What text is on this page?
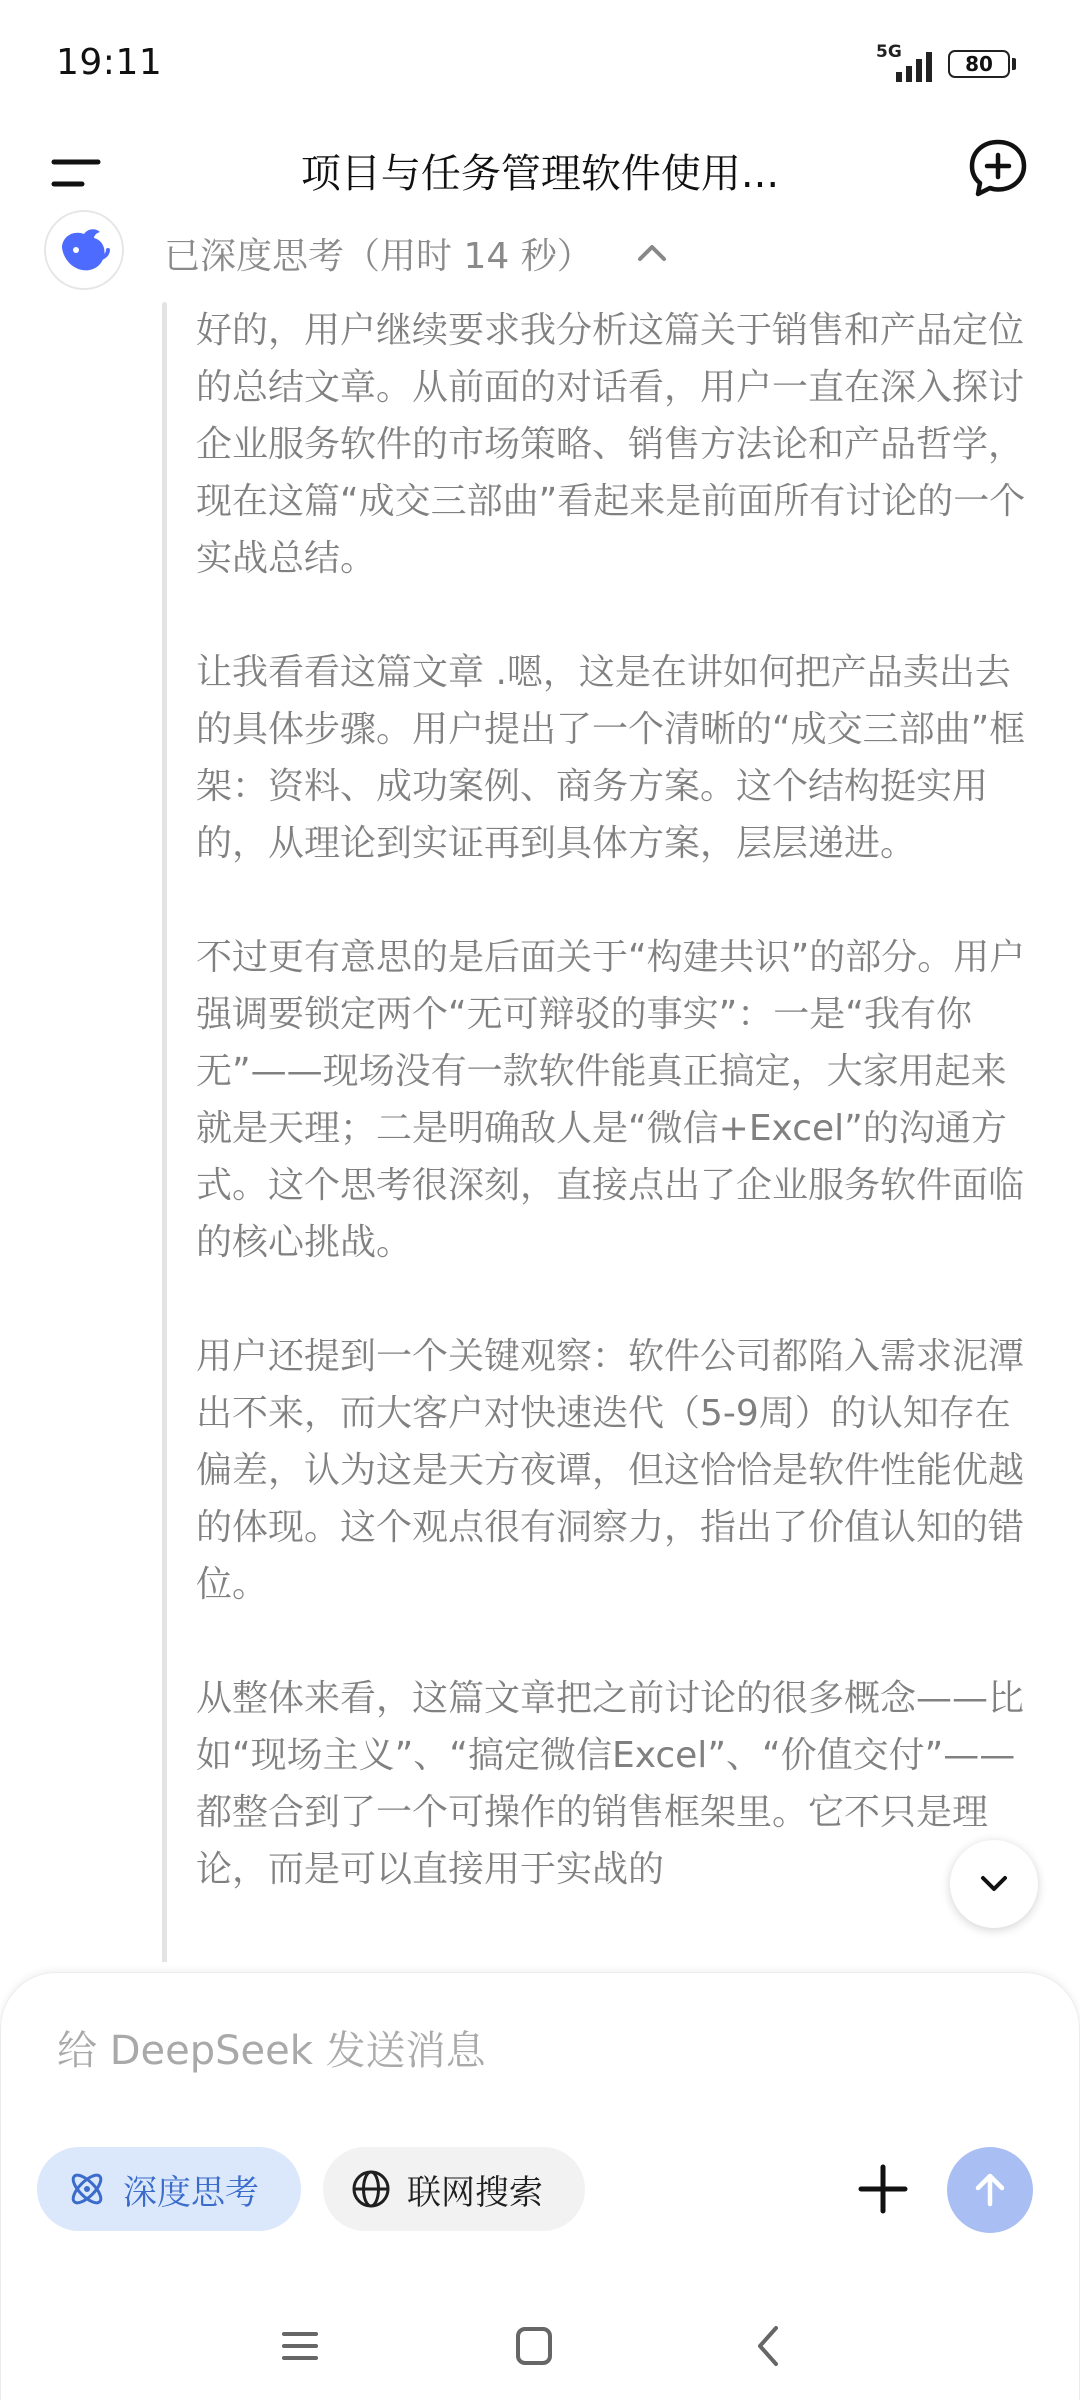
19:11	5G	80
项目与任务管理软件使用...
已深度思考（用时 14 秒）

好的，用户继续要求我分析这篇关于销售和产品定位的总结文章。从前面的对话看，用户一直在深入探讨企业服务软件的市场策略、销售方法论和产品哲学，现在这篇“成交三部曲”看起来是前面所有讨论的一个实战总结。

让我看看这篇文章 .嗯，这是在讲如何把产品卖出去的具体步骤。用户提出了一个清晰的“成交三部曲”框架：资料、成功案例、商务方案。这个结构挺实用的，从理论到实证再到具体方案，层层递进。

不过更有意思的是后面关于“构建共识”的部分。用户强调要锁定两个“无可辩驳的事实”：一是“我有你无”——现场没有一款软件能真正搞定，大家用起来就是天理；二是明确敌人是“微信+Excel”的沟通方式。这个思考很深刻，直接点出了企业服务软件面临的核心挑战。

用户还提到一个关键观察：软件公司都陷入需求泥潭出不来，而大客户对快速迭代（5-9周）的认知存在偏差，认为这是天方夜谭，但这恰恰是软件性能优越的体现。这个观点很有洞察力，指出了价值认知的错位。

从整体来看，这篇文章把之前讨论的很多概念——比如“现场主义”、“搞定微信Excel”、“价值交付”——都整合到了一个可操作的销售框架里。它不只是理论，而是可以直接用于实战的

给 DeepSeek 发送消息
深度思考	联网搜索
